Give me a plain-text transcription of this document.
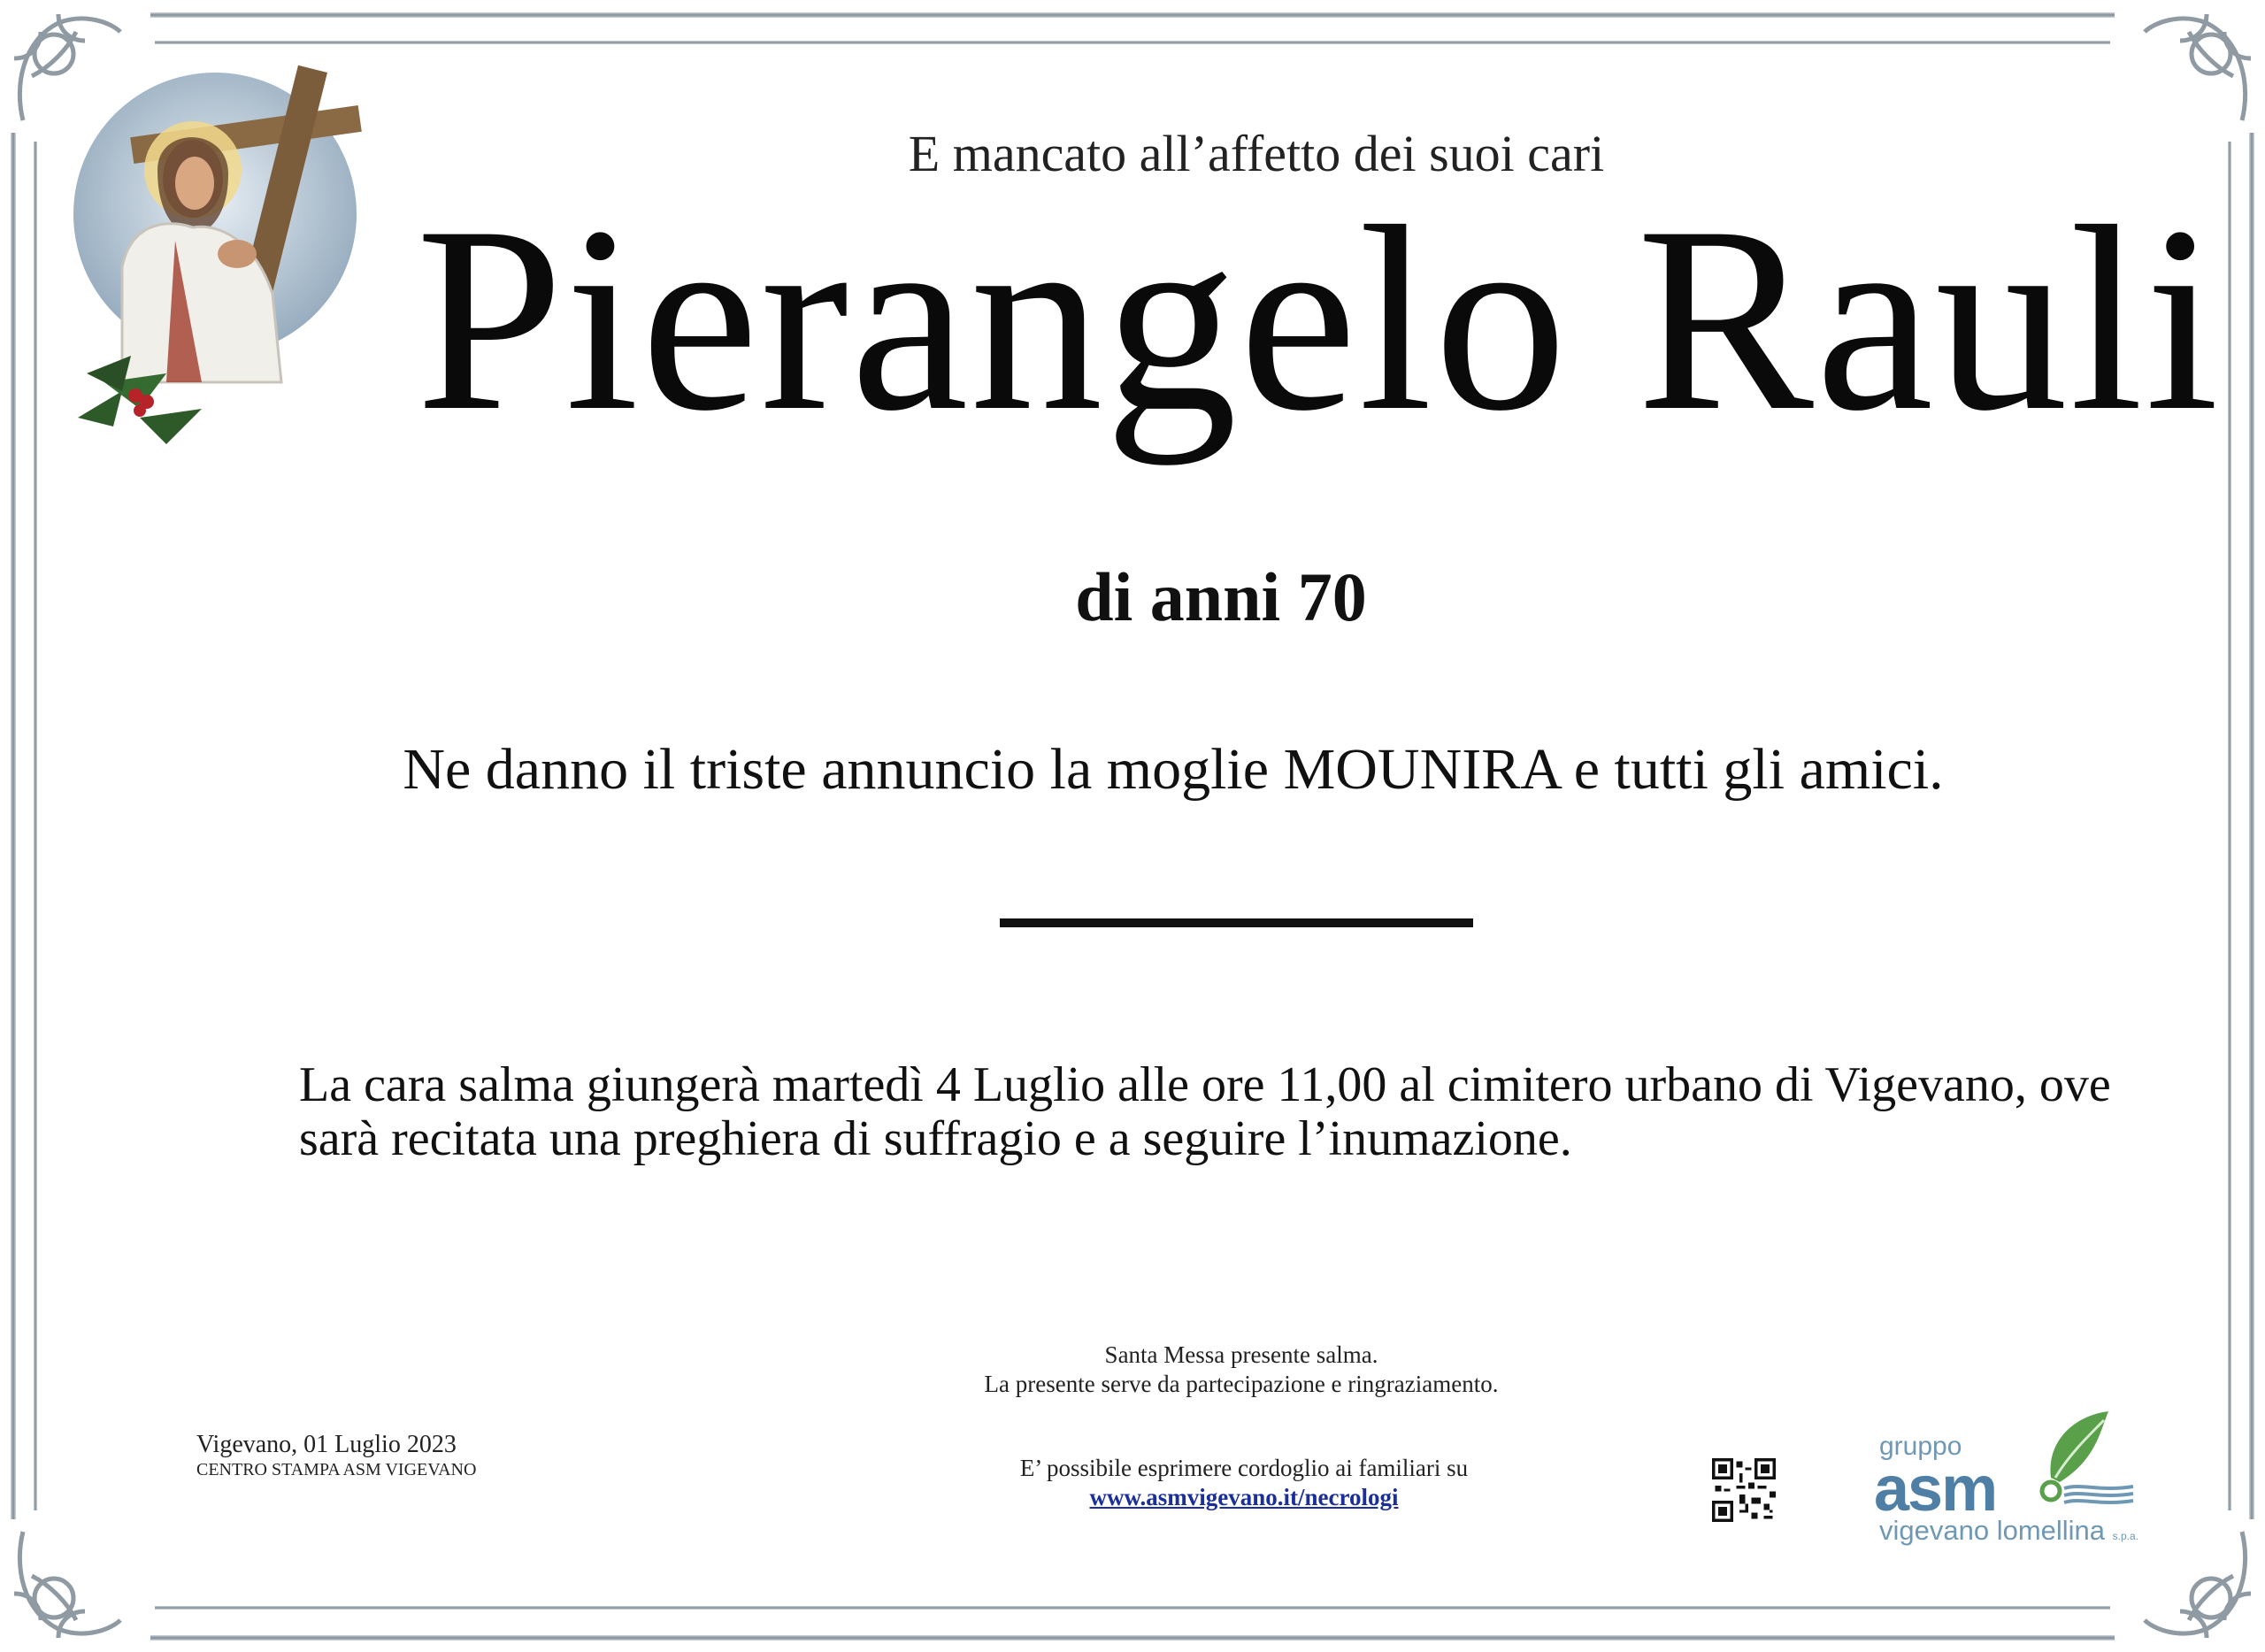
E mancato all’affetto dei suoi cari
Pierangelo Rauli
di anni 70
Ne danno il triste annuncio la moglie MOUNIRA e tutti gli amici.
La cara salma giungerà martedì 4 Luglio alle ore 11,00 al cimitero urbano di Vigevano, ove sarà recitata una preghiera di suffragio e a seguire l’inumazione.
Santa Messa presente salma.
La presente serve da partecipazione e ringraziamento.
Vigevano, 01 Luglio 2023
CENTRO STAMPA ASM VIGEVANO	E’ possibile esprimere cordoglio ai familiari su
www.asmvigevano.it/necrologi
gruppo
asm
vigevano lomellina s.p.a.
